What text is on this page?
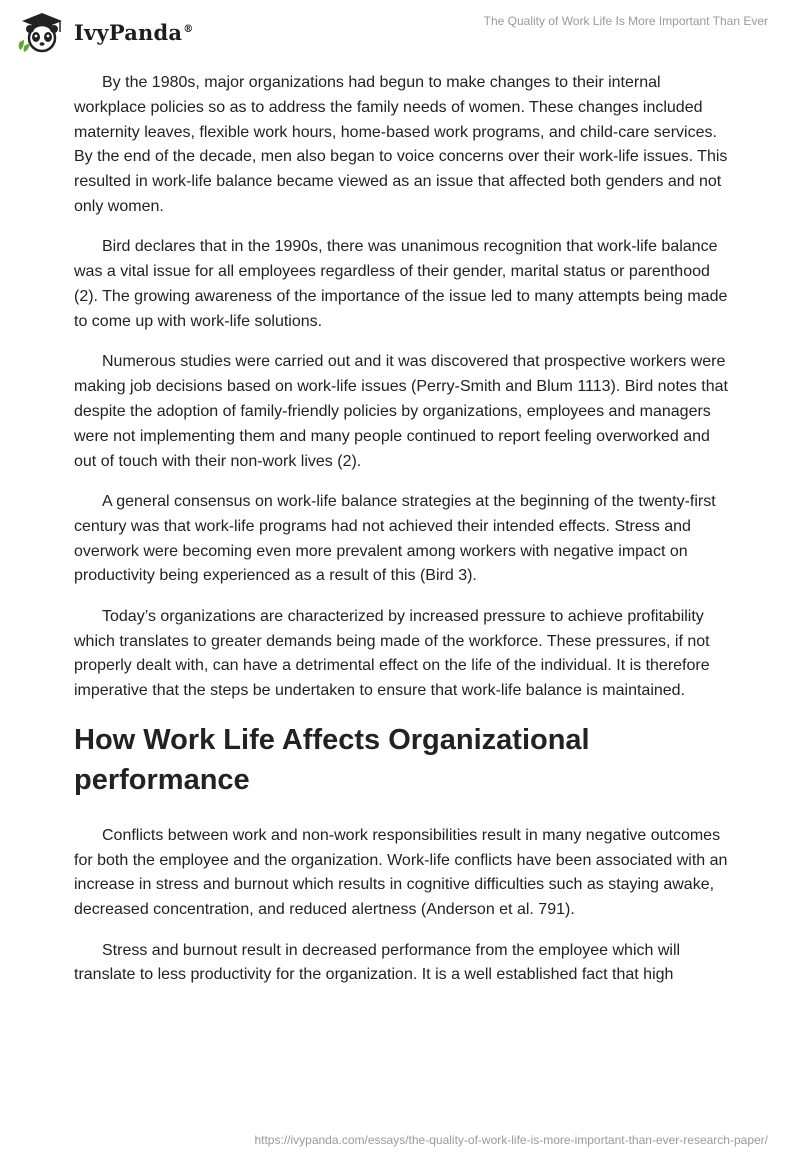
IvyPanda®
The Quality of Work Life Is More Important Than Ever

By the 1980s, major organizations had begun to make changes to their internal workplace policies so as to address the family needs of women. These changes included maternity leaves, flexible work hours, home-based work programs, and child-care services. By the end of the decade, men also began to voice concerns over their work-life issues. This resulted in work-life balance became viewed as an issue that affected both genders and not only women.

Bird declares that in the 1990s, there was unanimous recognition that work-life balance was a vital issue for all employees regardless of their gender, marital status or parenthood (2). The growing awareness of the importance of the issue led to many attempts being made to come up with work-life solutions.

Numerous studies were carried out and it was discovered that prospective workers were making job decisions based on work-life issues (Perry-Smith and Blum 1113). Bird notes that despite the adoption of family-friendly policies by organizations, employees and managers were not implementing them and many people continued to report feeling overworked and out of touch with their non-work lives (2).

A general consensus on work-life balance strategies at the beginning of the twenty-first century was that work-life programs had not achieved their intended effects. Stress and overwork were becoming even more prevalent among workers with negative impact on productivity being experienced as a result of this (Bird 3).

Today’s organizations are characterized by increased pressure to achieve profitability which translates to greater demands being made of the workforce. These pressures, if not properly dealt with, can have a detrimental effect on the life of the individual. It is therefore imperative that the steps be undertaken to ensure that work-life balance is maintained.

How Work Life Affects Organizational performance

Conflicts between work and non-work responsibilities result in many negative outcomes for both the employee and the organization. Work-life conflicts have been associated with an increase in stress and burnout which results in cognitive difficulties such as staying awake, decreased concentration, and reduced alertness (Anderson et al. 791).

Stress and burnout result in decreased performance from the employee which will translate to less productivity for the organization. It is a well established fact that high

https://ivypanda.com/essays/the-quality-of-work-life-is-more-important-than-ever-research-paper/
